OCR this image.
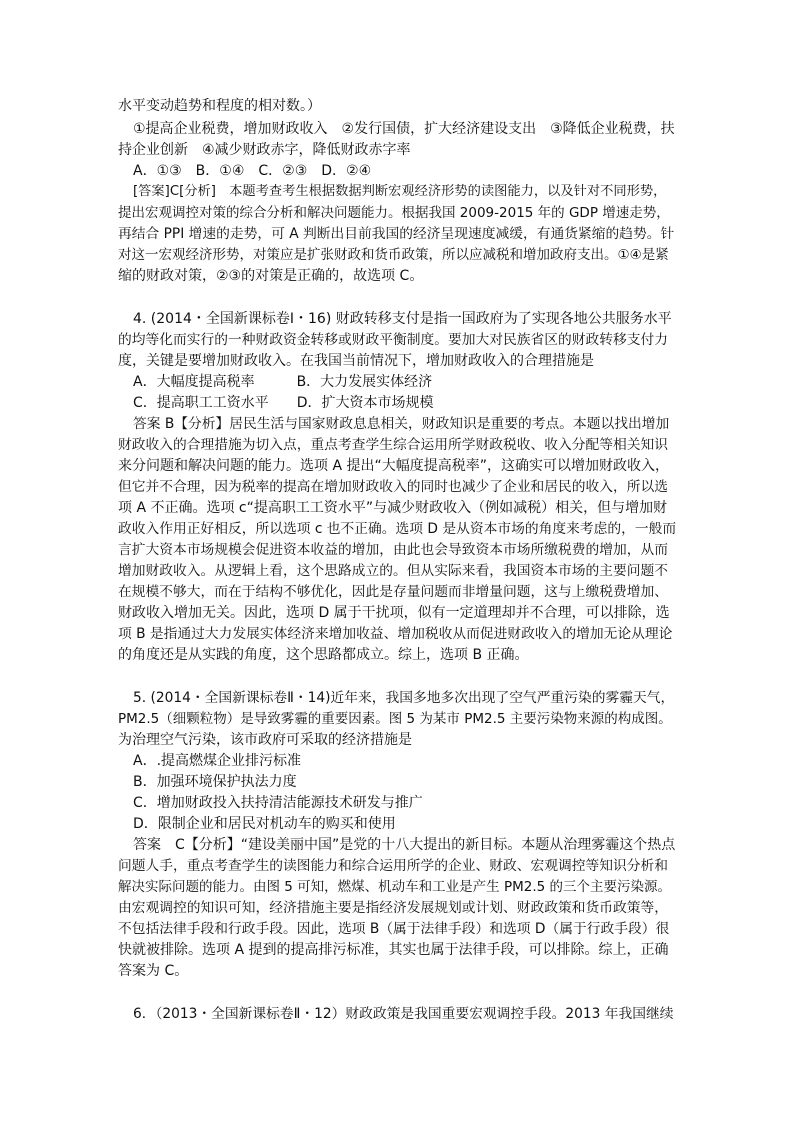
水平变动趋势和程度的相对数。）
①提高企业税费，增加财政收入　②发行国债，扩大经济建设支出　③降低企业税费，扶
持企业创新　④减少财政赤字，降低财政赤字率
A．①③　B．①④　C．②③　D．②④
[答案]C[分析]　本题考查考生根据数据判断宏观经济形势的读图能力，以及针对不同形势，
提出宏观调控对策的综合分析和解决问题能力。根据我国 2009-2015 年的 GDP 增速走势，
再结合 PPI 增速的走势，可 A 判断出目前我国的经济呈现速度减缓，有通货紧缩的趋势。针
对这一宏观经济形势，对策应是扩张财政和货币政策，所以应减税和增加政府支出。①④是紧
缩的财政对策，②③的对策是正确的，故选项 C。
4. (2014・全国新课标卷Ⅰ・16) 财政转移支付是指一国政府为了实现各地公共服务水平
的均等化而实行的一种财政资金转移或财政平衡制度。要加大对民族省区的财政转移支付力
度，关键是要增加财政收入。在我国当前情况下，增加财政收入的合理措施是
A．大幅度提高税率　　　B．大力发展实体经济
C．提高职工工资水平　　D．扩大资本市场规模
答案 B【分析】居民生活与国家财政息息相关，财政知识是重要的考点。本题以找出增加
财政收入的合理措施为切入点，重点考查学生综合运用所学财政税收、收入分配等相关知识
来分问题和解决问题的能力。选项 A 提出“大幅度提高税率”，这确实可以增加财政收入，
但它并不合理，因为税率的提高在增加财政收入的同时也减少了企业和居民的收入，所以选
项 A 不正确。选项 c“提高职工工资水平”与减少财政收入（例如减税）相关，但与增加财
政收入作用正好相反，所以选项 c 也不正确。选项 D 是从资本市场的角度来考虑的，一般而
言扩大资本市场规模会促进资本收益的增加，由此也会导致资本市场所缴税费的增加，从而
增加财政收入。从逻辑上看，这个思路成立的。但从实际来看，我国资本市场的主要问题不
在规模不够大，而在于结构不够优化，因此是存量问题而非增量问题，这与上缴税费增加、
财政收入增加无关。因此，选项 D 属于干扰项，似有一定道理却并不合理，可以排除，选
项 B 是指通过大力发展实体经济来增加收益、增加税收从而促进财政收入的增加无论从理论
的角度还是从实践的角度，这个思路都成立。综上，选项 B 正确。
5. (2014・全国新课标卷Ⅱ・14)近年来，我国多地多次出现了空气严重污染的雾霾天气，
PM2.5（细颗粒物）是导致雾霾的重要因素。图 5 为某市 PM2.5 主要污染物来源的构成图。
为治理空气污染，该市政府可采取的经济措施是
A．.提高燃煤企业排污标准
B．加强环境保护执法力度
C．增加财政投入扶持清洁能源技术研发与推广
D．限制企业和居民对机动车的购买和使用
答案　C【分析】“建设美丽中国”是党的十八大提出的新目标。本题从治理雾霾这个热点
问题人手，重点考查学生的读图能力和综合运用所学的企业、财政、宏观调控等知识分析和
解决实际问题的能力。由图 5 可知，燃煤、机动车和工业是产生 PM2.5 的三个主要污染源。
由宏观调控的知识可知，经济措施主要是指经济发展规划或计划、财政政策和货币政策等，
不包括法律手段和行政手段。因此，选项 B（属于法律手段）和选项 D（属于行政手段）很
快就被排除。选项 A 提到的提高排污标准，其实也属于法律手段，可以排除。综上，正确
答案为 C。
6．（2013・全国新课标卷Ⅱ・12）财政政策是我国重要宏观调控手段。2013 年我国继续
